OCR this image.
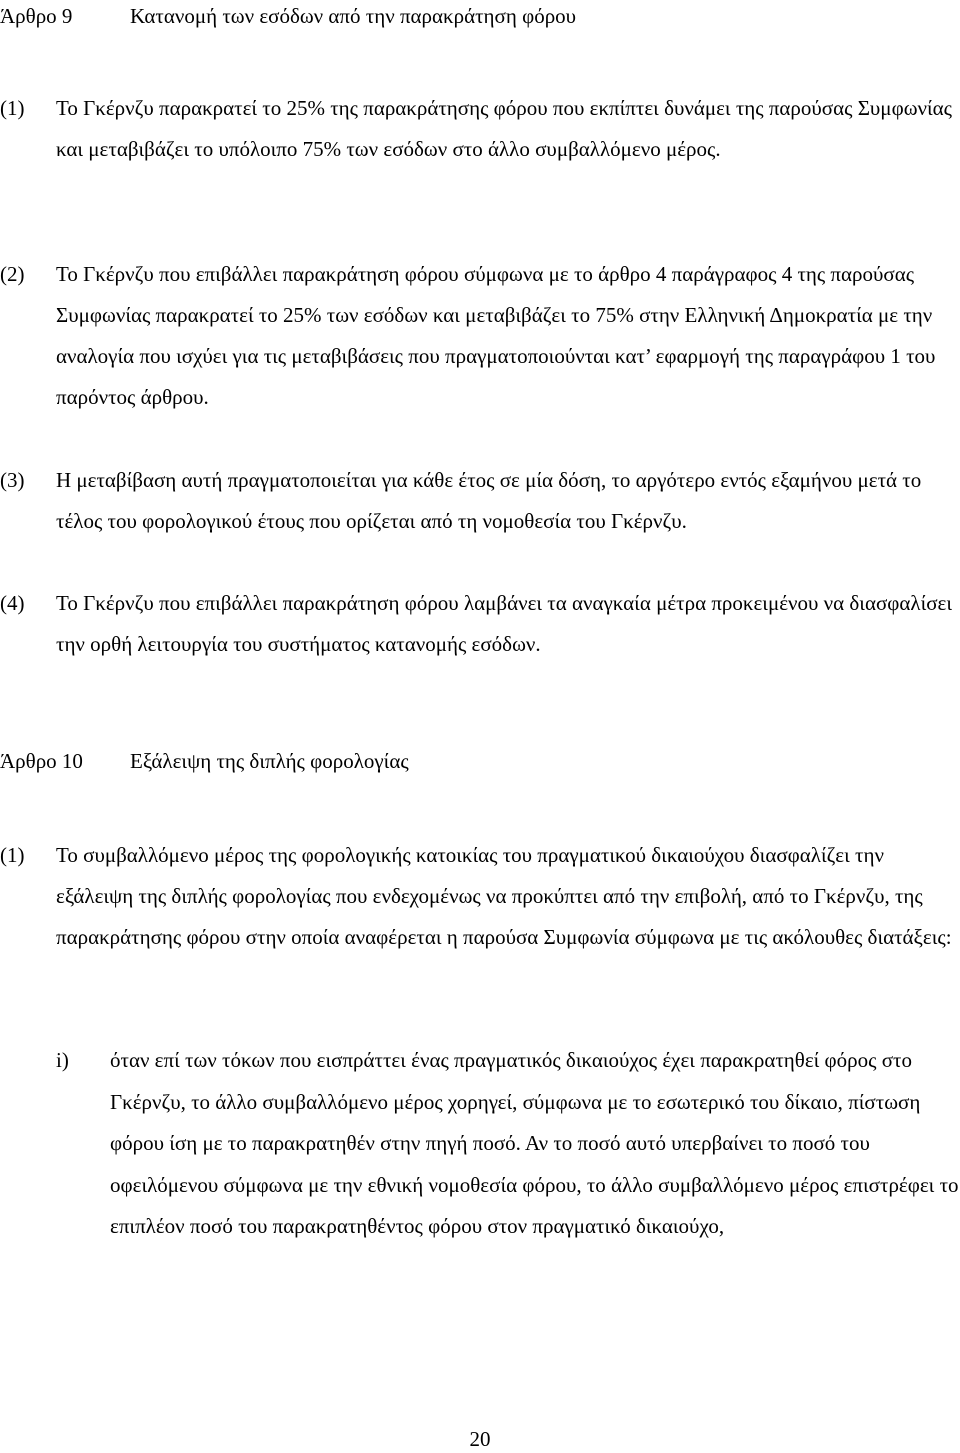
Άρθρο 9	Κατανομή των εσόδων από την παρακράτηση φόρου
(1) Το Γκέρνζυ παρακρατεί το 25% της παρακράτησης φόρου που εκπίπτει δυνάμει της παρούσας Συμφωνίας και μεταβιβάζει το υπόλοιπο 75% των εσόδων στο άλλο συμβαλλόμενο μέρος.
(2) Το Γκέρνζυ που επιβάλλει παρακράτηση φόρου σύμφωνα με το άρθρο 4 παράγραφος 4 της παρούσας Συμφωνίας παρακρατεί το 25% των εσόδων και μεταβιβάζει το 75% στην Ελληνική Δημοκρατία με την αναλογία που ισχύει για τις μεταβιβάσεις που πραγματοποιούνται κατ’ εφαρμογή της παραγράφου 1 του παρόντος άρθρου.
(3) Η μεταβίβαση αυτή πραγματοποιείται για κάθε έτος σε μία δόση, το αργότερο εντός εξαμήνου μετά το τέλος του φορολογικού έτους που ορίζεται από τη νομοθεσία του Γκέρνζυ.
(4) Το Γκέρνζυ που επιβάλλει παρακράτηση φόρου λαμβάνει τα αναγκαία μέτρα προκειμένου να διασφαλίσει την ορθή λειτουργία του συστήματος κατανομής εσόδων.
Άρθρο 10	Εξάλειψη της διπλής φορολογίας
(1) Το συμβαλλόμενο μέρος της φορολογικής κατοικίας του πραγματικού δικαιούχου διασφαλίζει την εξάλειψη της διπλής φορολογίας που ενδεχομένως να προκύπτει από την επιβολή, από το Γκέρνζυ, της παρακράτησης φόρου στην οποία αναφέρεται η παρούσα Συμφωνία σύμφωνα με τις ακόλουθες διατάξεις:
i) όταν επί των τόκων που εισπράττει ένας πραγματικός δικαιούχος έχει παρακρατηθεί φόρος στο Γκέρνζυ, το άλλο συμβαλλόμενο μέρος χορηγεί, σύμφωνα με το εσωτερικό του δίκαιο, πίστωση φόρου ίση με το παρακρατηθέν στην πηγή ποσό. Αν το ποσό αυτό υπερβαίνει το ποσό του οφειλόμενου σύμφωνα με την εθνική νομοθεσία φόρου, το άλλο συμβαλλόμενο μέρος επιστρέφει το επιπλέον ποσό του παρακρατηθέντος φόρου στον πραγματικό δικαιούχο,
20
